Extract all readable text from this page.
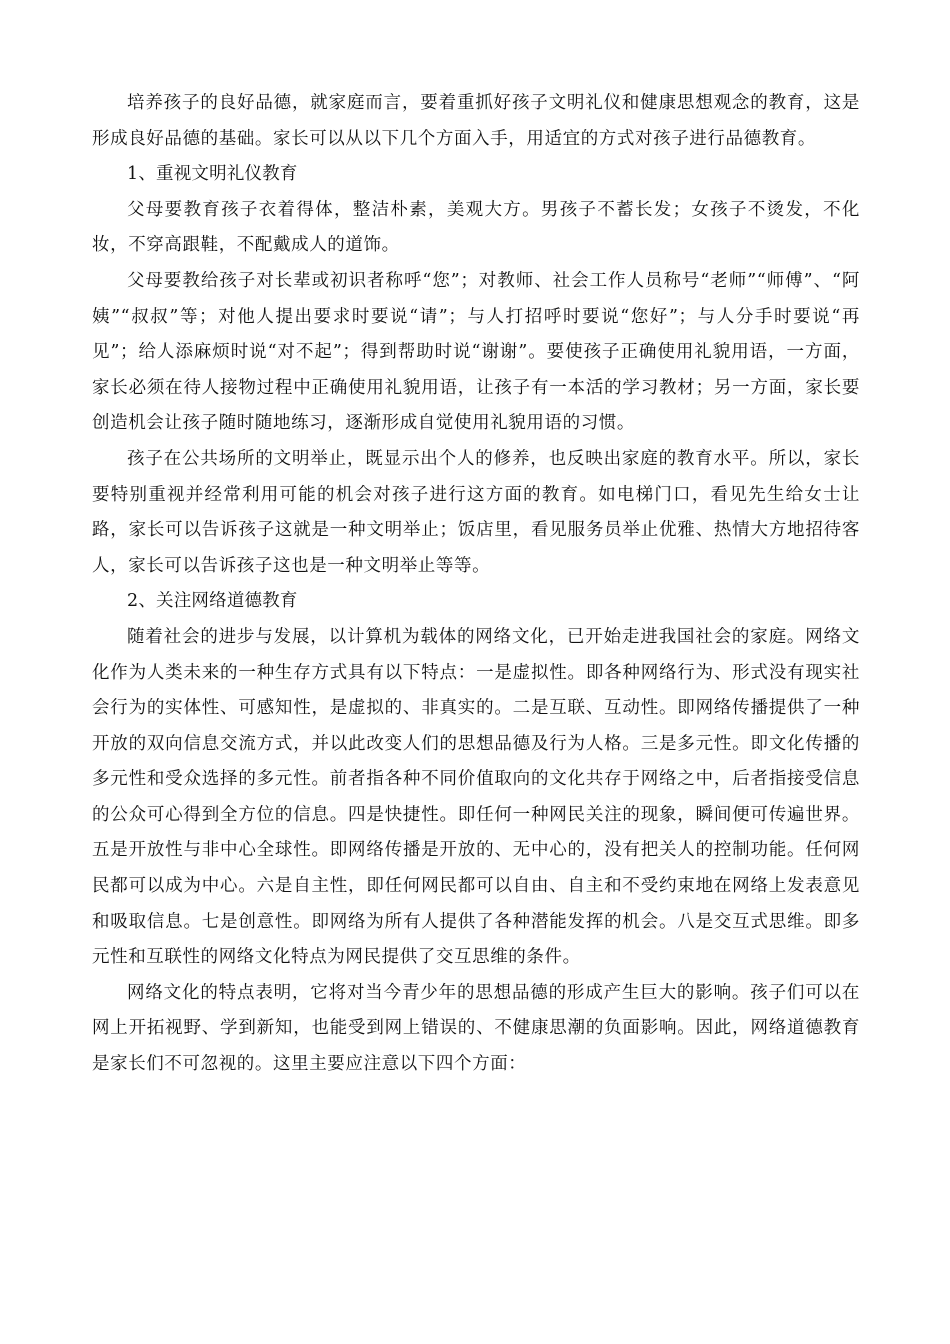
培养孩子的良好品德，就家庭而言，要着重抓好孩子文明礼仪和健康思想观念的教育，这是形成良好品德的基础。家长可以从以下几个方面入手，用适宜的方式对孩子进行品德教育。

1、重视文明礼仪教育

父母要教育孩子衣着得体，整洁朴素，美观大方。男孩子不蓄长发；女孩子不烫发，不化妆，不穿高跟鞋，不配戴成人的道饰。

父母要教给孩子对长辈或初识者称呼“您”；对教师、社会工作人员称号“老师”“师傅”、“阿姨”“叔叔”等；对他人提出要求时要说“请”；与人打招呼时要说“您好”；与人分手时要说“再见”；给人添麻烦时说“对不起”；得到帮助时说“谢谢”。要使孩子正确使用礼貌用语，一方面，家长必须在待人接物过程中正确使用礼貌用语，让孩子有一本活的学习教材；另一方面，家长要创造机会让孩子随时随地练习，逐渐形成自觉使用礼貌用语的习惯。

孩子在公共场所的文明举止，既显示出个人的修养，也反映出家庭的教育水平。所以，家长要特别重视并经常利用可能的机会对孩子进行这方面的教育。如电梯门口，看见先生给女士让路，家长可以告诉孩子这就是一种文明举止；饭店里，看见服务员举止优雅、热情大方地招待客人，家长可以告诉孩子这也是一种文明举止等等。

2、关注网络道德教育

随着社会的进步与发展，以计算机为载体的网络文化，已开始走进我国社会的家庭。网络文化作为人类未来的一种生存方式具有以下特点：一是虚拟性。即各种网络行为、形式没有现实社会行为的实体性、可感知性，是虚拟的、非真实的。二是互联、互动性。即网络传播提供了一种开放的双向信息交流方式，并以此改变人们的思想品德及行为人格。三是多元性。即文化传播的多元性和受众选择的多元性。前者指各种不同价值取向的文化共存于网络之中，后者指接受信息的公众可心得到全方位的信息。四是快捷性。即任何一种网民关注的现象，瞬间便可传遍世界。五是开放性与非中心全球性。即网络传播是开放的、无中心的，没有把关人的控制功能。任何网民都可以成为中心。六是自主性，即任何网民都可以自由、自主和不受约束地在网络上发表意见和吸取信息。七是创意性。即网络为所有人提供了各种潜能发挥的机会。八是交互式思维。即多元性和互联性的网络文化特点为网民提供了交互思维的条件。

网络文化的特点表明，它将对当今青少年的思想品德的形成产生巨大的影响。孩子们可以在网上开拓视野、学到新知，也能受到网上错误的、不健康思潮的负面影响。因此，网络道德教育是家长们不可忽视的。这里主要应注意以下四个方面：
